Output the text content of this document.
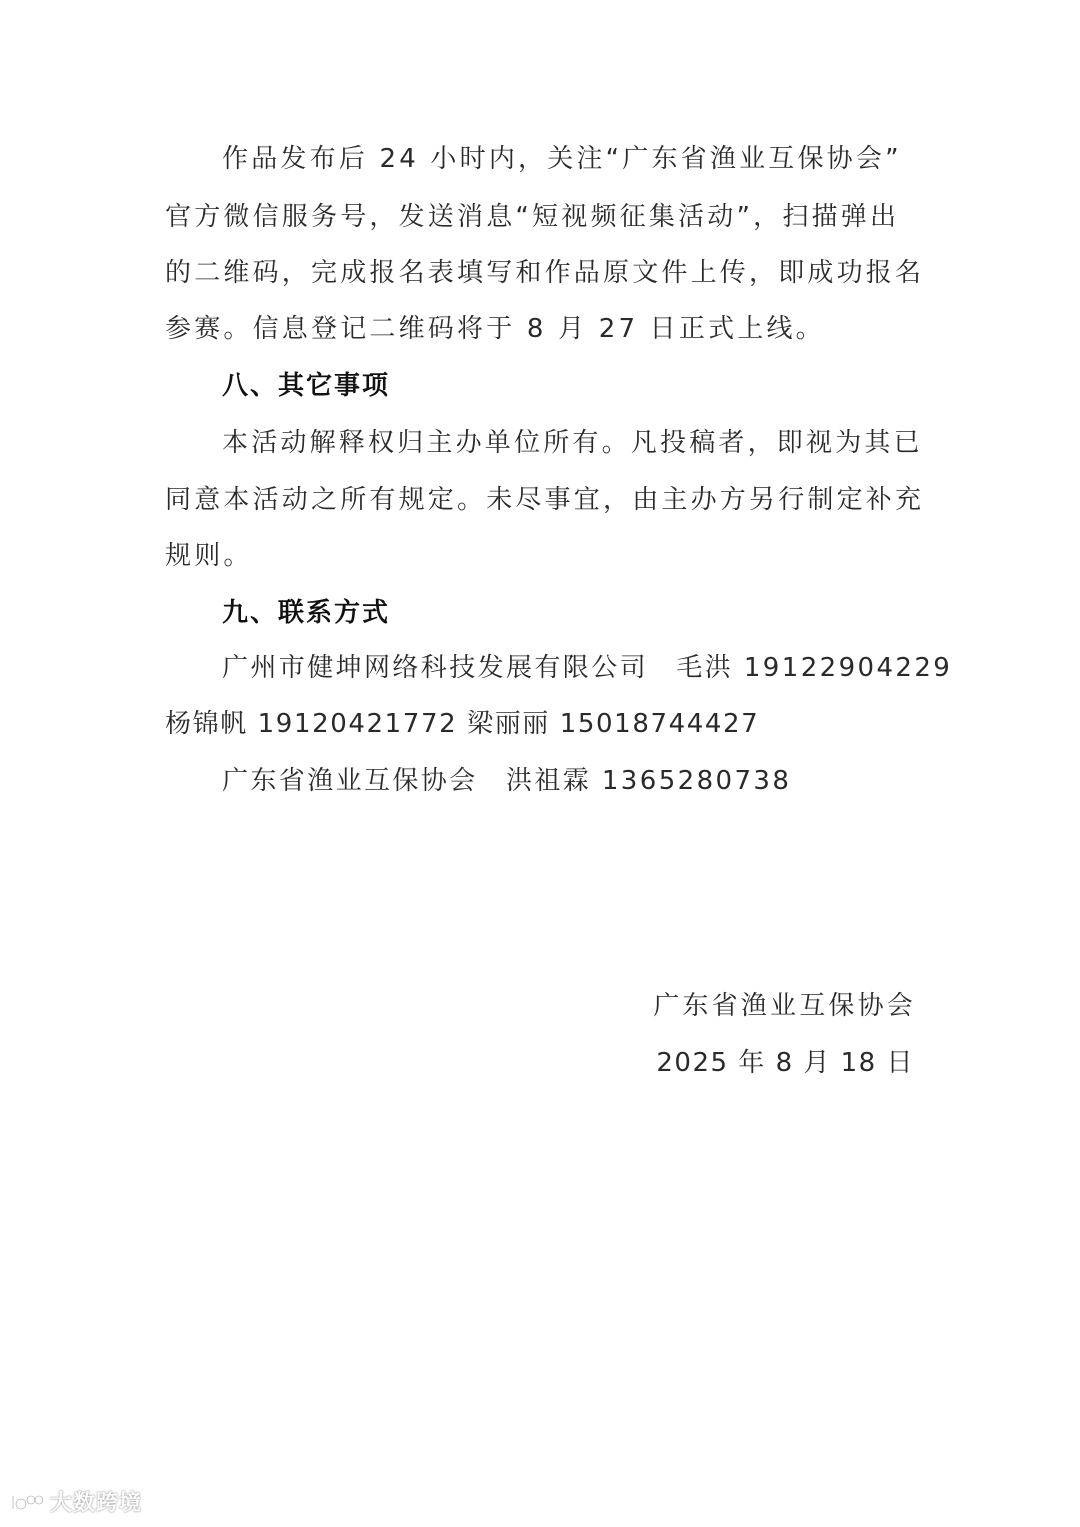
作品发布后 24 小时内，关注“广东省渔业互保协会”
官方微信服务号，发送消息“短视频征集活动”，扫描弹出
的二维码，完成报名表填写和作品原文件上传，即成功报名
参赛。信息登记二维码将于 8 月 27 日正式上线。
八、其它事项
本活动解释权归主办单位所有。凡投稿者，即视为其已
同意本活动之所有规定。未尽事宜，由主办方另行制定补充
规则。
九、联系方式
广州市健坤网络科技发展有限公司　毛洪 19122904229
杨锦帆 19120421772 梁丽丽 15018744427
广东省渔业互保协会　洪祖霖 1365280738
广东省渔业互保协会
2025 年 8 月 18 日
大数跨境
